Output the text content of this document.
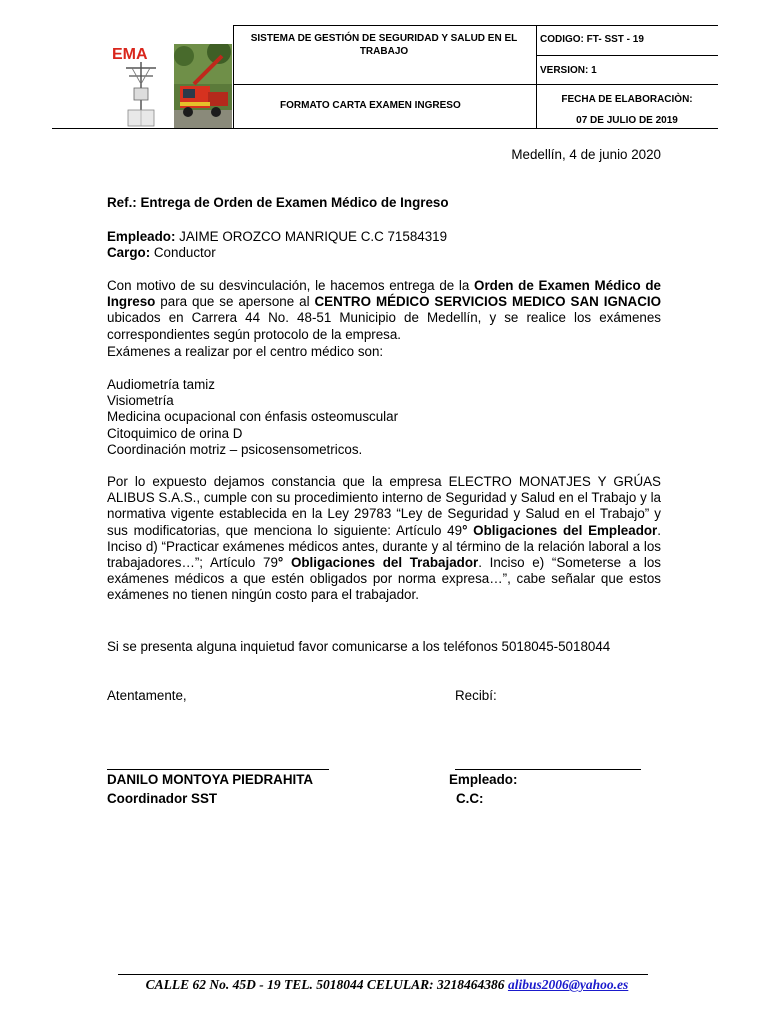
EMA
SISTEMA DE GESTIÓN DE SEGURIDAD Y SALUD EN EL TRABAJO
FORMATO CARTA EXAMEN INGRESO
CODIGO: FT- SST - 19
VERSION: 1
FECHA DE ELABORACIÒN:
07 DE JULIO DE 2019
Medellín, 4 de junio 2020
Ref.: Entrega de Orden de Examen Médico de Ingreso
Empleado: JAIME OROZCO MANRIQUE C.C 71584319
Cargo: Conductor
Con motivo de su desvinculación, le hacemos entrega de la Orden de Examen Médico de Ingreso para que se apersone al CENTRO MÉDICO SERVICIOS MEDICO SAN IGNACIO ubicados en Carrera 44 No. 48-51 Municipio de Medellín, y se realice los exámenes correspondientes según protocolo de la empresa.
Exámenes a realizar por el centro médico son:
Audiometría tamiz
Visiometría
Medicina ocupacional con énfasis osteomuscular
Citoquimico de orina D
Coordinación motriz – psicosensometricos.
Por lo expuesto dejamos constancia que la empresa ELECTRO MONATJES Y GRÚAS ALIBUS S.A.S., cumple con su procedimiento interno de Seguridad y Salud en el Trabajo y la normativa vigente establecida en la Ley 29783 “Ley de Seguridad y Salud en el Trabajo” y sus modificatorias, que menciona lo siguiente: Artículo 49° Obligaciones del Empleador. Inciso d) “Practicar exámenes médicos antes, durante y al término de la relación laboral a los trabajadores…”; Artículo 79° Obligaciones del Trabajador. Inciso e) “Someterse a los exámenes médicos a que estén obligados por norma expresa…”, cabe señalar que estos exámenes no tienen ningún costo para el trabajador.
Si se presenta alguna inquietud favor comunicarse a los teléfonos 5018045-5018044
Atentamente,	Recibí:
DANILO MONTOYA PIEDRAHITA
Coordinador SST
Empleado:
C.C:
CALLE 62 No. 45D - 19 TEL. 5018044 CELULAR: 3218464386 alibus2006@yahoo.es
